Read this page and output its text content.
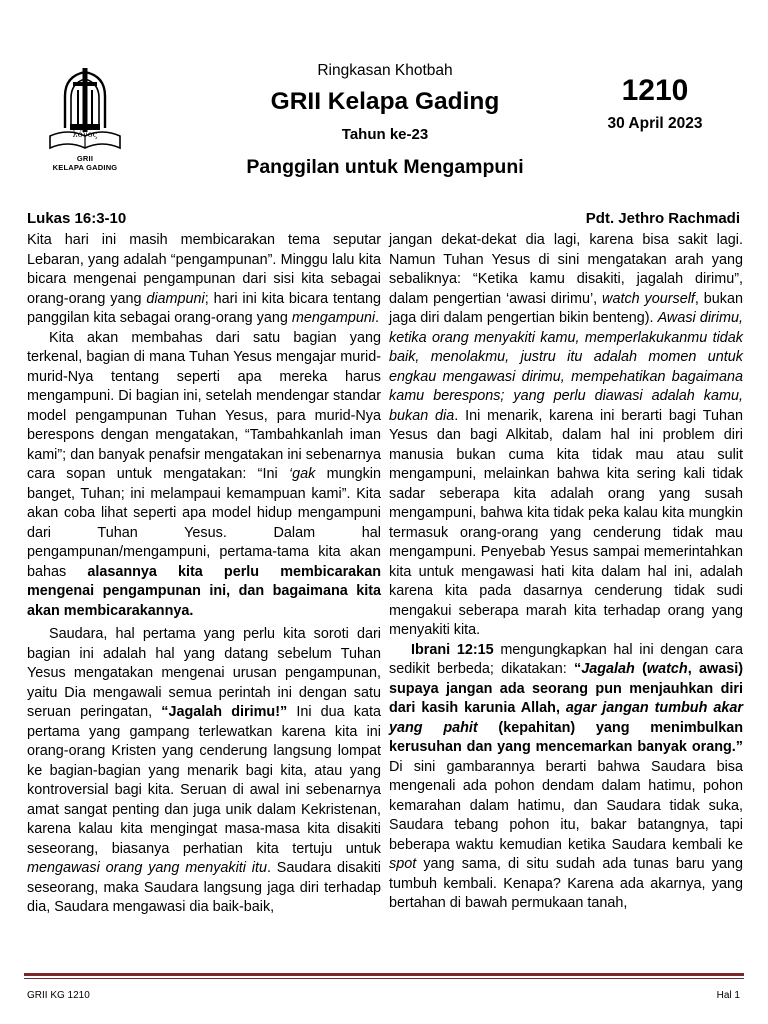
λόγος
GRII
KELAPA GADING
Ringkasan Khotbah
GRII Kelapa Gading
Tahun ke-23
1210
30 April 2023
Panggilan untuk Mengampuni
Lukas 16:3-10	Pdt. Jethro Rachmadi

Kita hari ini masih membicarakan tema seputar Lebaran, yang adalah “pengampunan”. Minggu lalu kita bicara mengenai pengampunan dari sisi kita sebagai orang-orang yang diampuni; hari ini kita bicara tentang panggilan kita sebagai orang-orang yang mengampuni.

Kita akan membahas dari satu bagian yang terkenal, bagian di mana Tuhan Yesus mengajar murid-murid-Nya tentang seperti apa mereka harus mengampuni. Di bagian ini, setelah mendengar standar model pengampunan Tuhan Yesus, para murid-Nya berespons dengan mengatakan, “Tambahkanlah iman kami”; dan banyak penafsir mengatakan ini sebenarnya cara sopan untuk mengatakan: “Ini ‘gak mungkin banget, Tuhan; ini melampaui kemampuan kami”. Kita akan coba lihat seperti apa model hidup mengampuni dari Tuhan Yesus. Dalam hal pengampunan/mengampuni, pertama-tama kita akan bahas alasannya kita perlu membicarakan mengenai pengampunan ini, dan bagaimana kita akan membicarakannya.

Saudara, hal pertama yang perlu kita soroti dari bagian ini adalah hal yang datang sebelum Tuhan Yesus mengatakan mengenai urusan pengampunan, yaitu Dia mengawali semua perintah ini dengan satu seruan peringatan, “Jagalah dirimu!” Ini dua kata pertama yang gampang terlewatkan karena kita ini orang-orang Kristen yang cenderung langsung lompat ke bagian-bagian yang menarik bagi kita, atau yang kontroversial bagi kita. Seruan di awal ini sebenarnya amat sangat penting dan juga unik dalam Kekristenan, karena kalau kita mengingat masa-masa kita disakiti seseorang, biasanya perhatian kita tertuju untuk mengawasi orang yang menyakiti itu. Saudara disakiti seseorang, maka Saudara langsung jaga diri terhadap dia, Saudara mengawasi dia baik-baik,

jangan dekat-dekat dia lagi, karena bisa sakit lagi. Namun Tuhan Yesus di sini mengatakan arah yang sebaliknya: “Ketika kamu disakiti, jagalah dirimu”, dalam pengertian ‘awasi dirimu’, watch yourself, bukan jaga diri dalam pengertian bikin benteng). Awasi dirimu, ketika orang menyakiti kamu, memperlakukanmu tidak baik, menolakmu, justru itu adalah momen untuk engkau mengawasi dirimu, mempehatikan bagaimana kamu berespons; yang perlu diawasi adalah kamu, bukan dia. Ini menarik, karena ini berarti bagi Tuhan Yesus dan bagi Alkitab, dalam hal ini problem diri manusia bukan cuma kita tidak mau atau sulit mengampuni, melainkan bahwa kita sering kali tidak sadar seberapa kita adalah orang yang susah mengampuni, bahwa kita tidak peka kalau kita mungkin termasuk orang-orang yang cenderung tidak mau mengampuni. Penyebab Yesus sampai memerintahkan kita untuk mengawasi hati kita dalam hal ini, adalah karena kita pada dasarnya cenderung tidak sudi mengakui seberapa marah kita terhadap orang yang menyakiti kita.

Ibrani 12:15 mengungkapkan hal ini dengan cara sedikit berbeda; dikatakan: “Jagalah (watch, awasi) supaya jangan ada seorang pun menjauhkan diri dari kasih karunia Allah, agar jangan tumbuh akar yang pahit (kepahitan) yang menimbulkan kerusuhan dan yang mencemarkan banyak orang.” Di sini gambarannya berarti bahwa Saudara bisa mengenali ada pohon dendam dalam hatimu, pohon kemarahan dalam hatimu, dan Saudara tidak suka, Saudara tebang pohon itu, bakar batangnya, tapi beberapa waktu kemudian ketika Saudara kembali ke spot yang sama, di situ sudah ada tunas baru yang tumbuh kembali. Kenapa? Karena ada akarnya, yang bertahan di bawah permukaan tanah,

GRII KG 1210	Hal 1
